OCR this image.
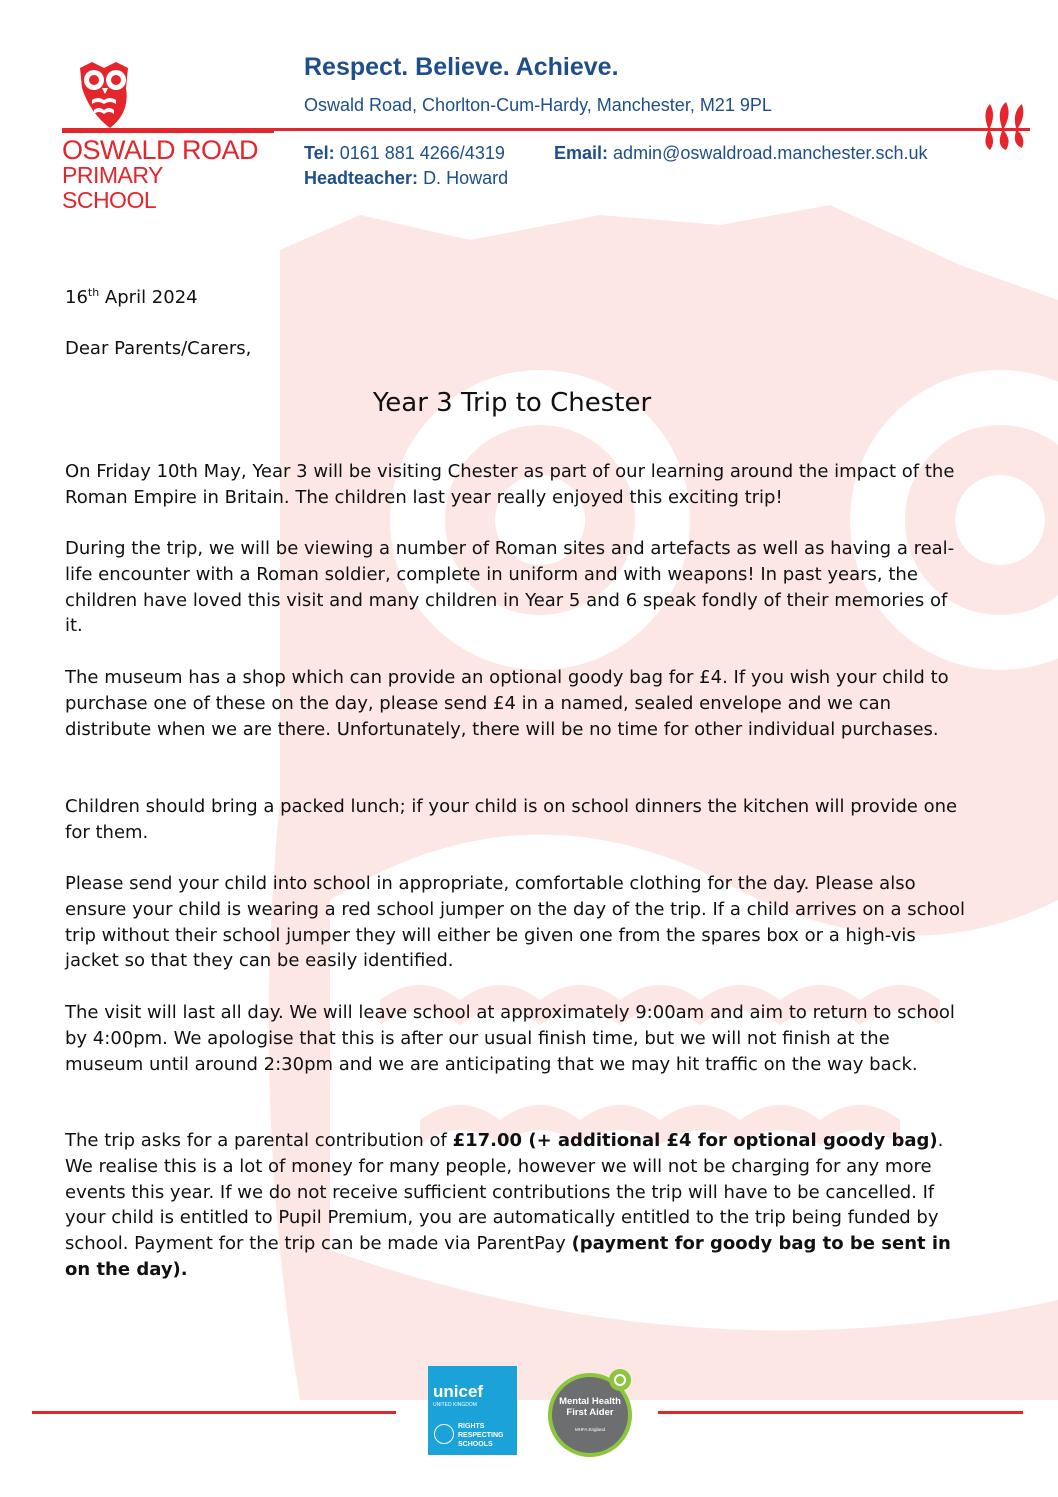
OSWALD ROAD
PRIMARY SCHOOL
Respect. Believe. Achieve.
Oswald Road, Chorlton-Cum-Hardy, Manchester, M21 9PL
Tel: 0161 881 4266/4319	Email: admin@oswaldroad.manchester.sch.uk
Headteacher: D. Howard
16th April 2024
Dear Parents/Carers,
Year 3 Trip to Chester
On Friday 10th May, Year 3 will be visiting Chester as part of our learning around the impact of the Roman Empire in Britain. The children last year really enjoyed this exciting trip!
During the trip, we will be viewing a number of Roman sites and artefacts as well as having a real-life encounter with a Roman soldier, complete in uniform and with weapons! In past years, the children have loved this visit and many children in Year 5 and 6 speak fondly of their memories of it.
The museum has a shop which can provide an optional goody bag for £4. If you wish your child to purchase one of these on the day, please send £4 in a named, sealed envelope and we can distribute when we are there. Unfortunately, there will be no time for other individual purchases.
Children should bring a packed lunch; if your child is on school dinners the kitchen will provide one for them.
Please send your child into school in appropriate, comfortable clothing for the day. Please also ensure your child is wearing a red school jumper on the day of the trip. If a child arrives on a school trip without their school jumper they will either be given one from the spares box or a high-vis jacket so that they can be easily identified.
The visit will last all day. We will leave school at approximately 9:00am and aim to return to school by 4:00pm. We apologise that this is after our usual finish time, but we will not finish at the museum until around 2:30pm and we are anticipating that we may hit traffic on the way back.
The trip asks for a parental contribution of £17.00 (+ additional £4 for optional goody bag). We realise this is a lot of money for many people, however we will not be charging for any more events this year. If we do not receive sufficient contributions the trip will have to be cancelled. If your child is entitled to Pupil Premium, you are automatically entitled to the trip being funded by school. Payment for the trip can be made via ParentPay (payment for goody bag to be sent in on the day).
unicef
UNITED KINGDOM
RIGHTS
RESPECTING
SCHOOLS
Mental Health
First Aider
MHFA England
